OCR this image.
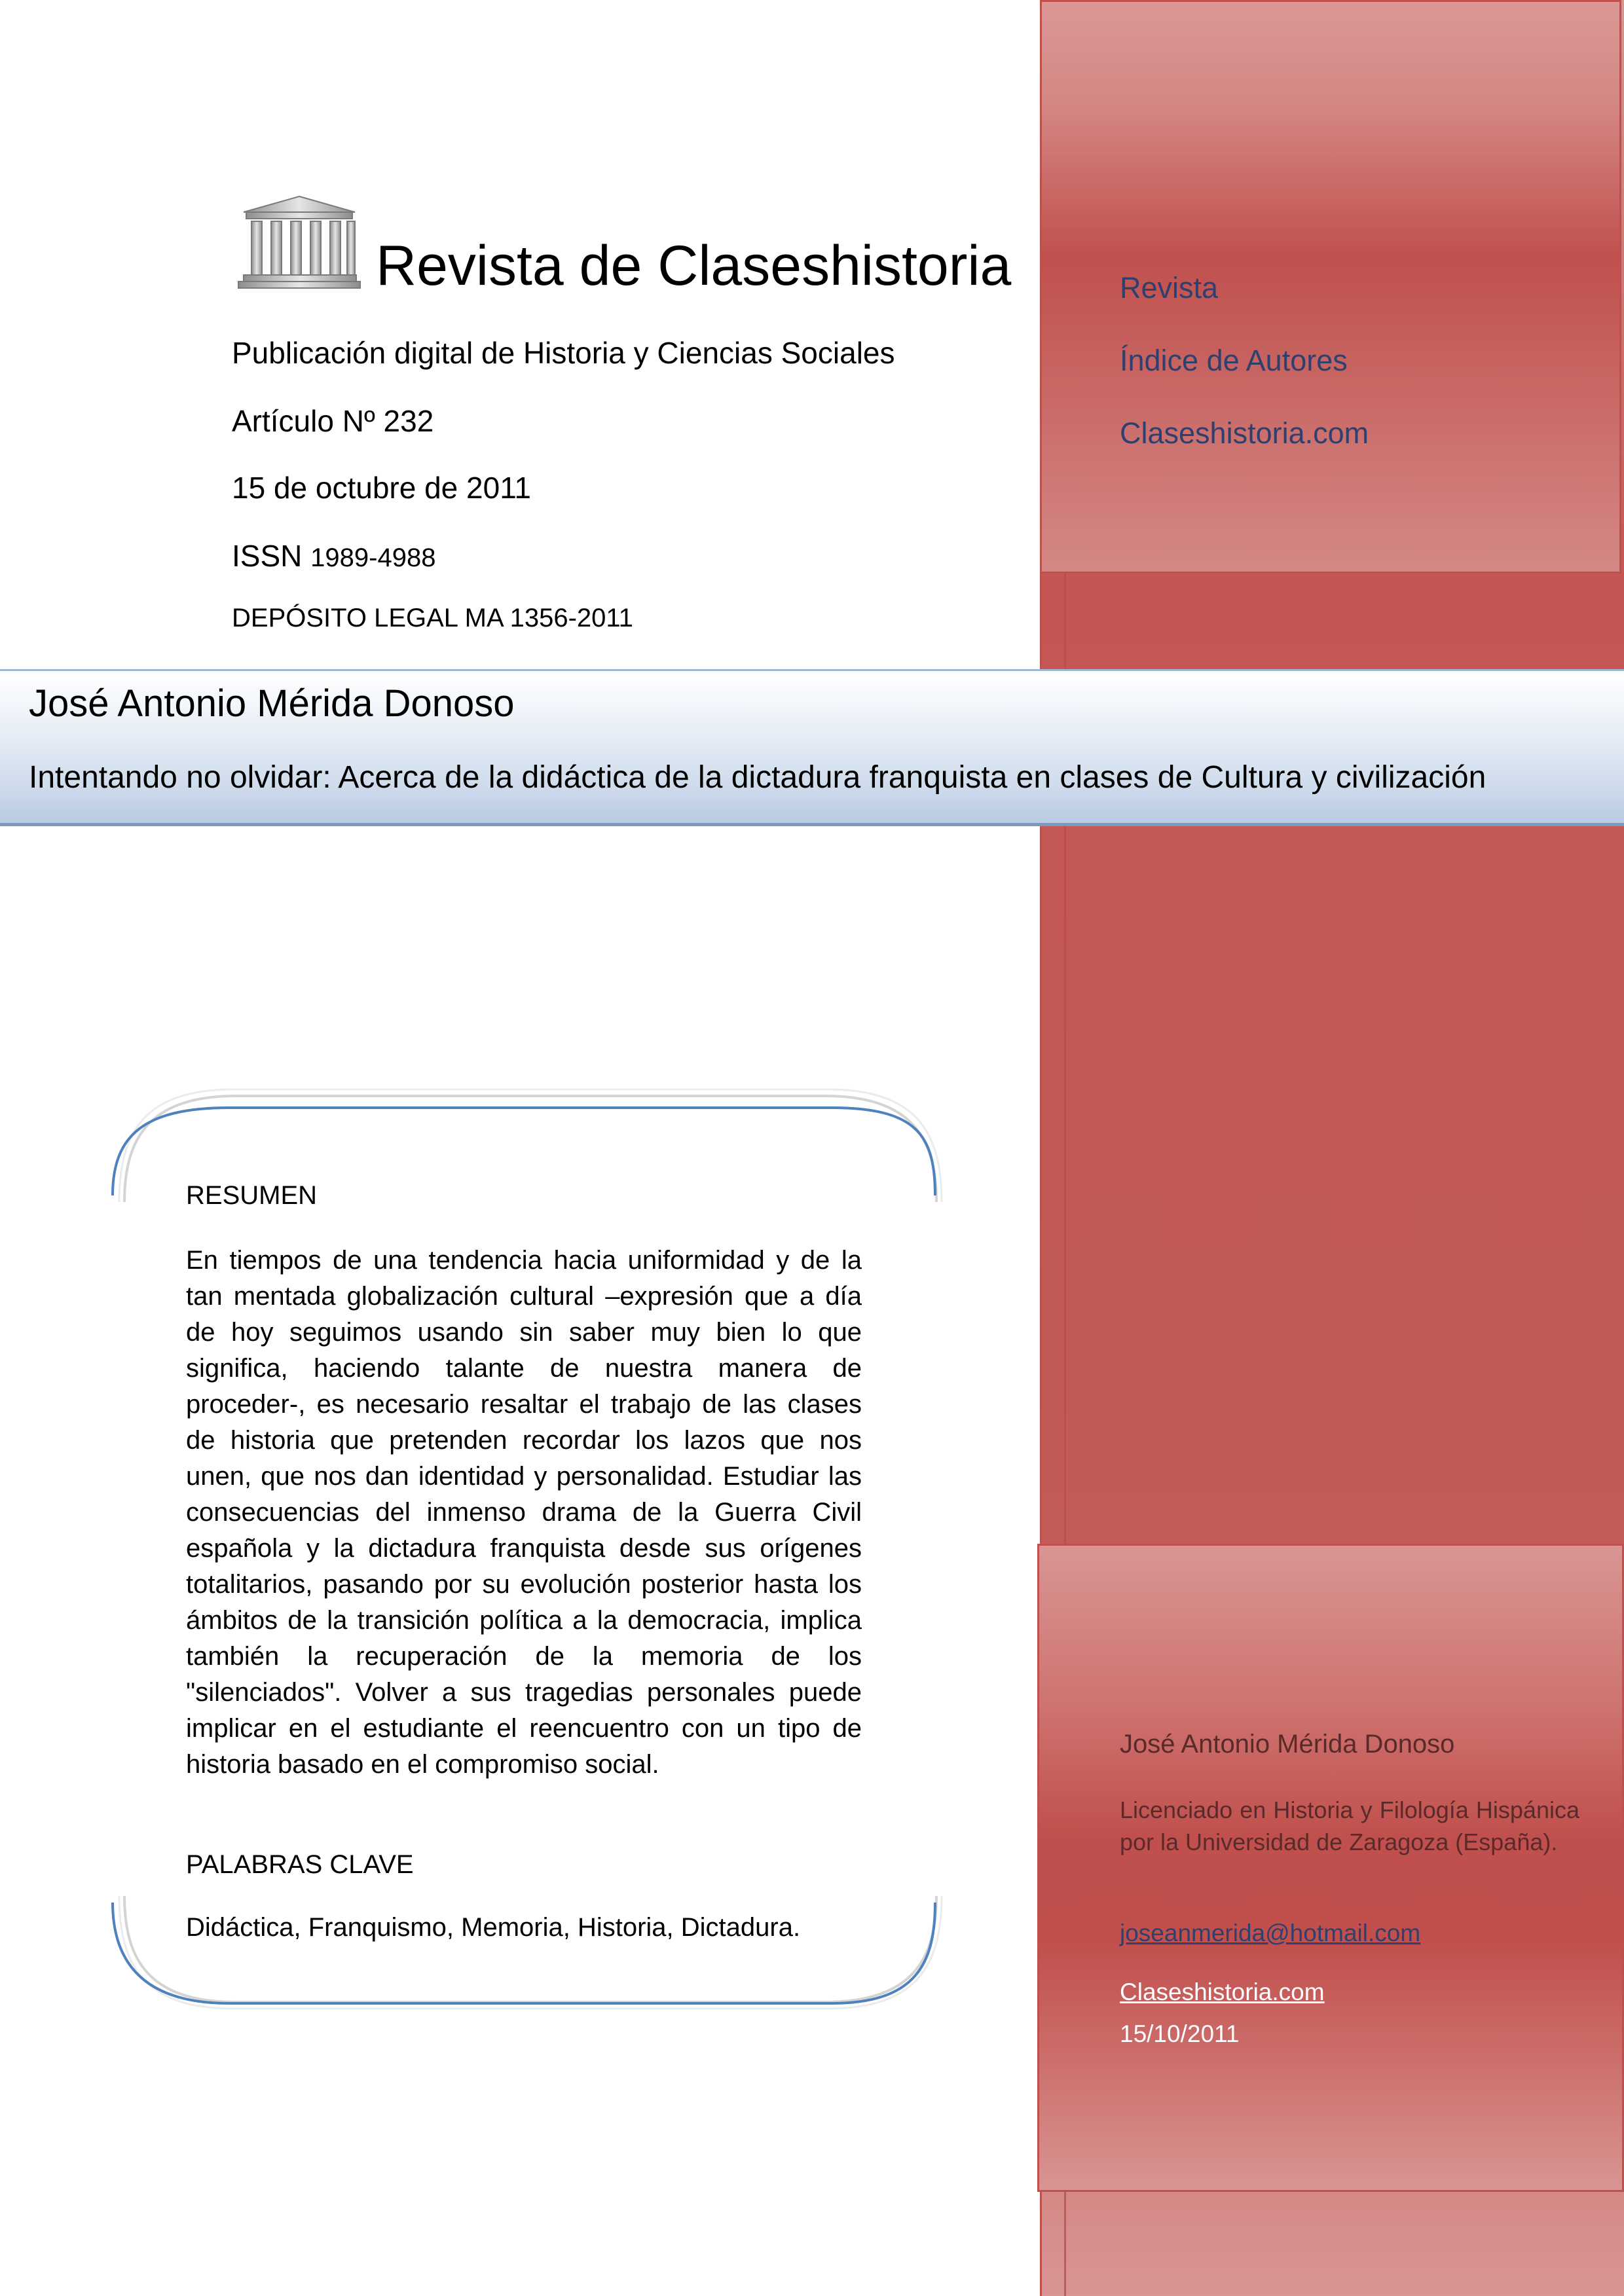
Revista
Índice de Autores
Claseshistoria.com
Revista de Claseshistoria
Publicación digital de Historia y Ciencias Sociales
Artículo Nº 232
15 de octubre de 2011
ISSN 1989-4988
DEPÓSITO LEGAL MA 1356-2011
José Antonio Mérida Donoso
Intentando no olvidar: Acerca de la didáctica de la dictadura franquista en clases de Cultura y civilización
RESUMEN

En tiempos de una tendencia hacia uniformidad y de la tan mentada globalización cultural –expresión que a día de hoy seguimos usando sin saber muy bien lo que significa, haciendo talante de nuestra manera de proceder-, es necesario resaltar el trabajo de las clases de historia que pretenden recordar los lazos que nos unen, que nos dan identidad y personalidad. Estudiar las consecuencias del inmenso drama de la Guerra Civil española y la dictadura franquista desde sus orígenes totalitarios, pasando por su evolución posterior hasta los ámbitos de la transición política a la democracia, implica también la recuperación de la memoria de los "silenciados". Volver a sus tragedias personales puede implicar en el estudiante el reencuentro con un tipo de historia basado en el compromiso social.

PALABRAS CLAVE
Didáctica, Franquismo, Memoria, Historia, Dictadura.
José Antonio Mérida Donoso

Licenciado en Historia y Filología Hispánica por la Universidad de Zaragoza (España).

joseanmerida@hotmail.com
Claseshistoria.com
15/10/2011
